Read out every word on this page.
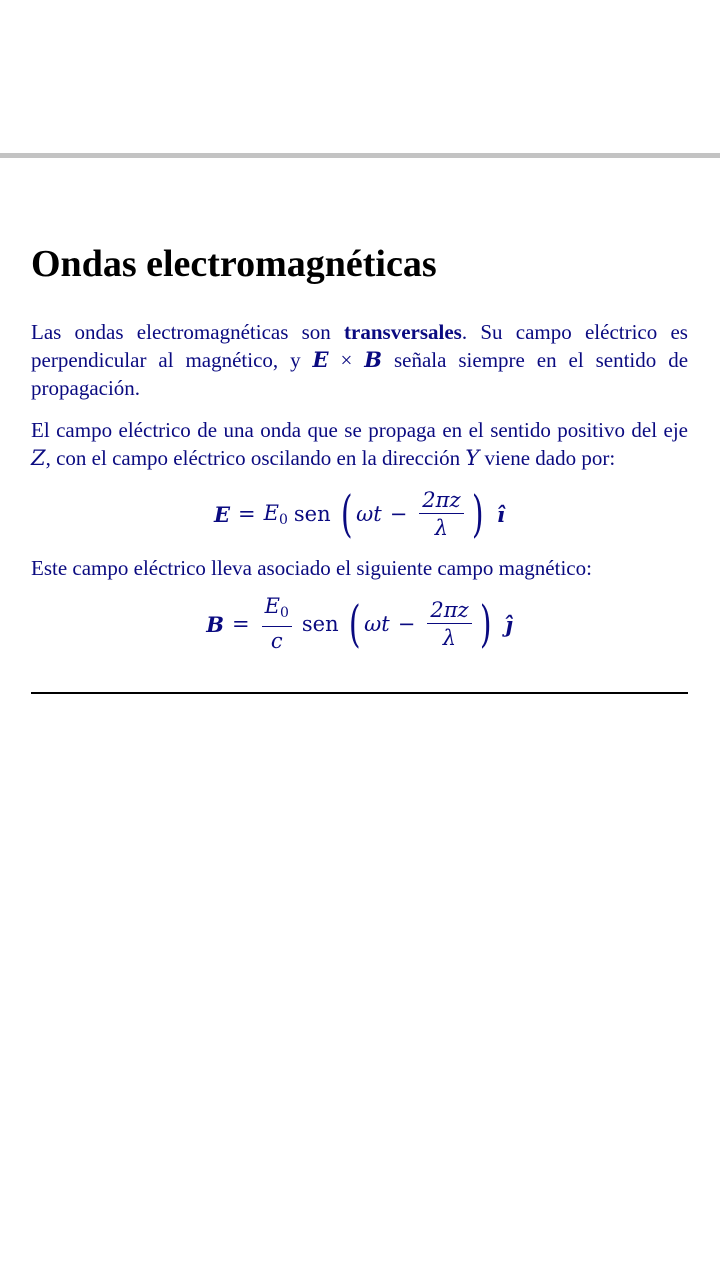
Ondas electromagnéticas

Las ondas electromagnéticas son transversales. Su campo eléctrico es perpendicular al magnético, y E × B señala siempre en el sentido de propagación.

El campo eléctrico de una onda que se propaga en el sentido positivo del eje Z, con el campo eléctrico oscilando en la dirección Y viene dado por:

$E = E_0$ sen ( $\omega t - \frac{2\pi z}{\lambda}$ ) î

Este campo eléctrico lleva asociado el siguiente campo magnético:

$B = \frac{E_0}{c}$ sen ( $\omega t - \frac{2\pi z}{\lambda}$ ) ĵ
